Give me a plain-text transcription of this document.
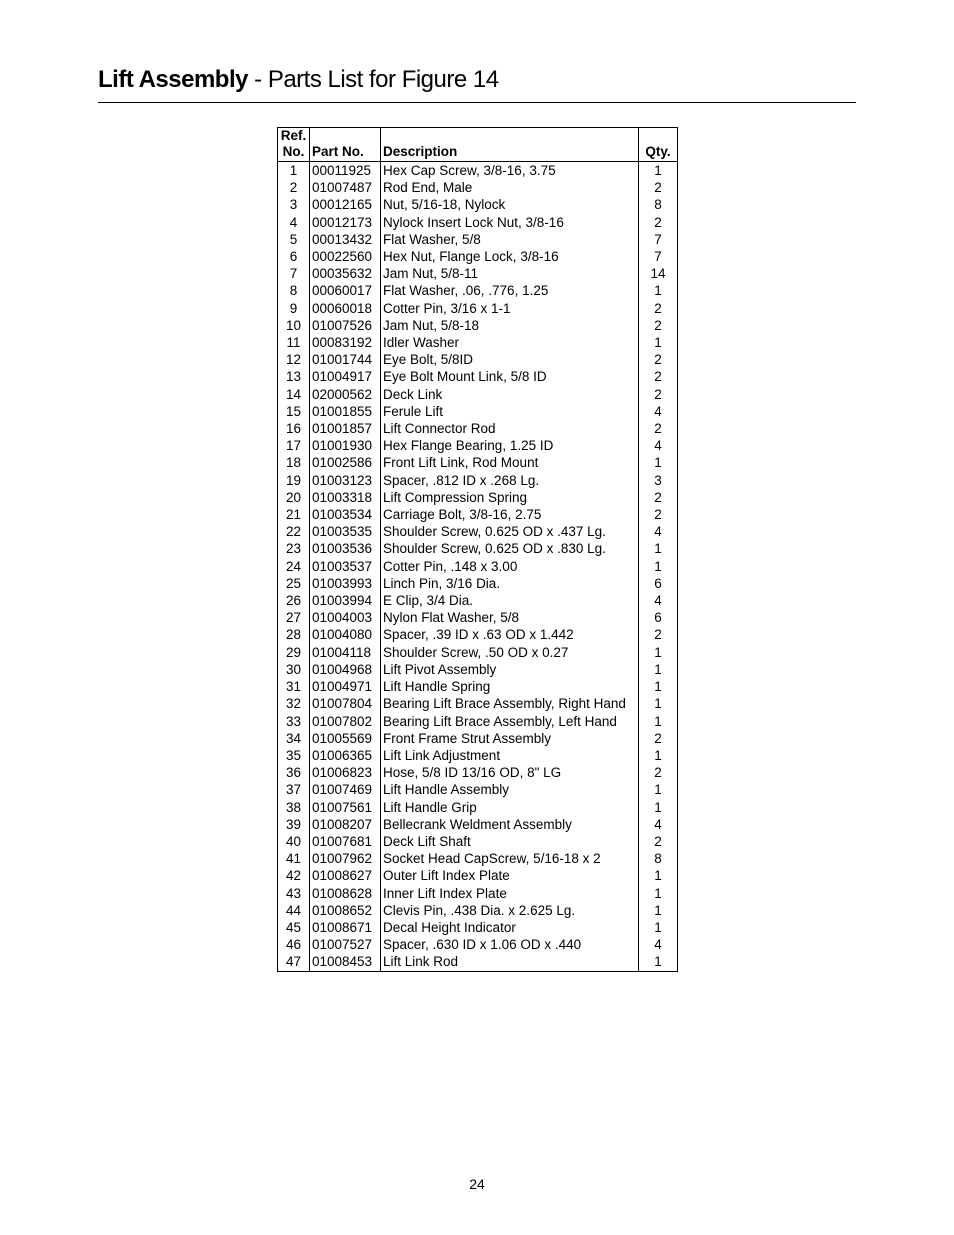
Lift Assembly - Parts List for Figure 14
Ref.
No.	Part No.	Description	Qty.
1	00011925	Hex Cap Screw, 3/8-16, 3.75	1
2	01007487	Rod End, Male	2
3	00012165	Nut, 5/16-18, Nylock	8
4	00012173	Nylock Insert Lock Nut, 3/8-16	2
5	00013432	Flat Washer, 5/8	7
6	00022560	Hex Nut, Flange Lock, 3/8-16	7
7	00035632	Jam Nut, 5/8-11	14
8	00060017	Flat Washer, .06, .776, 1.25	1
9	00060018	Cotter Pin, 3/16 x 1-1	2
10	01007526	Jam Nut, 5/8-18	2
11	00083192	Idler Washer	1
12	01001744	Eye Bolt, 5/8ID	2
13	01004917	Eye Bolt Mount Link, 5/8 ID	2
14	02000562	Deck Link	2
15	01001855	Ferule Lift	4
16	01001857	Lift Connector Rod	2
17	01001930	Hex Flange Bearing, 1.25 ID	4
18	01002586	Front Lift Link, Rod Mount	1
19	01003123	Spacer, .812 ID x .268 Lg.	3
20	01003318	Lift Compression Spring	2
21	01003534	Carriage Bolt, 3/8-16, 2.75	2
22	01003535	Shoulder Screw, 0.625 OD x .437 Lg.	4
23	01003536	Shoulder Screw, 0.625 OD x .830 Lg.	1
24	01003537	Cotter Pin, .148 x 3.00	1
25	01003993	Linch Pin, 3/16 Dia.	6
26	01003994	E Clip, 3/4 Dia.	4
27	01004003	Nylon Flat Washer, 5/8	6
28	01004080	Spacer, .39 ID x .63 OD x 1.442	2
29	01004118	Shoulder Screw, .50 OD x 0.27	1
30	01004968	Lift Pivot Assembly	1
31	01004971	Lift Handle Spring	1
32	01007804	Bearing Lift Brace Assembly, Right Hand	1
33	01007802	Bearing Lift Brace Assembly, Left Hand	1
34	01005569	Front Frame Strut Assembly	2
35	01006365	Lift Link Adjustment	1
36	01006823	Hose, 5/8 ID 13/16 OD, 8" LG	2
37	01007469	Lift Handle Assembly	1
38	01007561	Lift Handle Grip	1
39	01008207	Bellecrank Weldment Assembly	4
40	01007681	Deck Lift Shaft	2
41	01007962	Socket Head CapScrew, 5/16-18 x 2	8
42	01008627	Outer Lift Index Plate	1
43	01008628	Inner Lift Index Plate	1
44	01008652	Clevis Pin, .438 Dia. x 2.625 Lg.	1
45	01008671	Decal Height Indicator	1
46	01007527	Spacer, .630 ID x 1.06 OD x .440	4
47	01008453	Lift Link Rod	1
24
